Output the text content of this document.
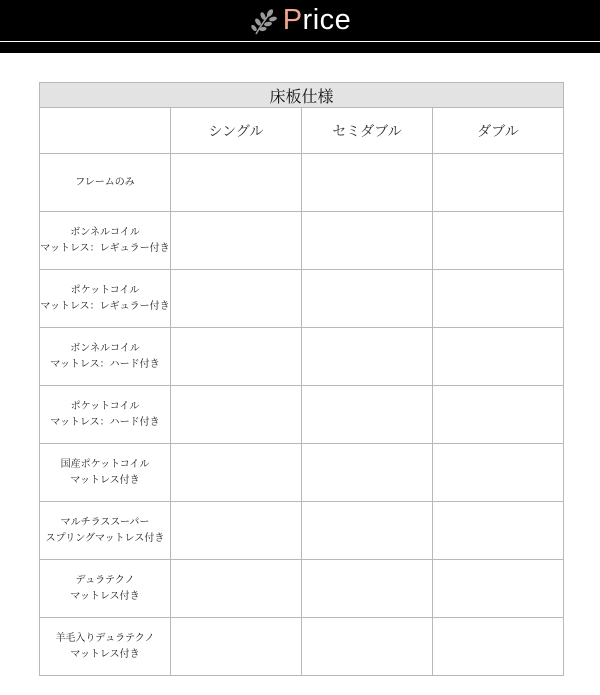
Price
床板仕様			
	シングル	セミダブル	ダブル

フレームのみ			

ボンネルコイル
マットレス：レギュラー付き			

ポケットコイル
マットレス：レギュラー付き			

ボンネルコイル
マットレス：ハード付き			

ポケットコイル
マットレス：ハード付き			

国産ポケットコイル
マットレス付き			

マルチラススーパー
スプリングマットレス付き			

デュラテクノ
マットレス付き			

羊毛入りデュラテクノ
マットレス付き			
